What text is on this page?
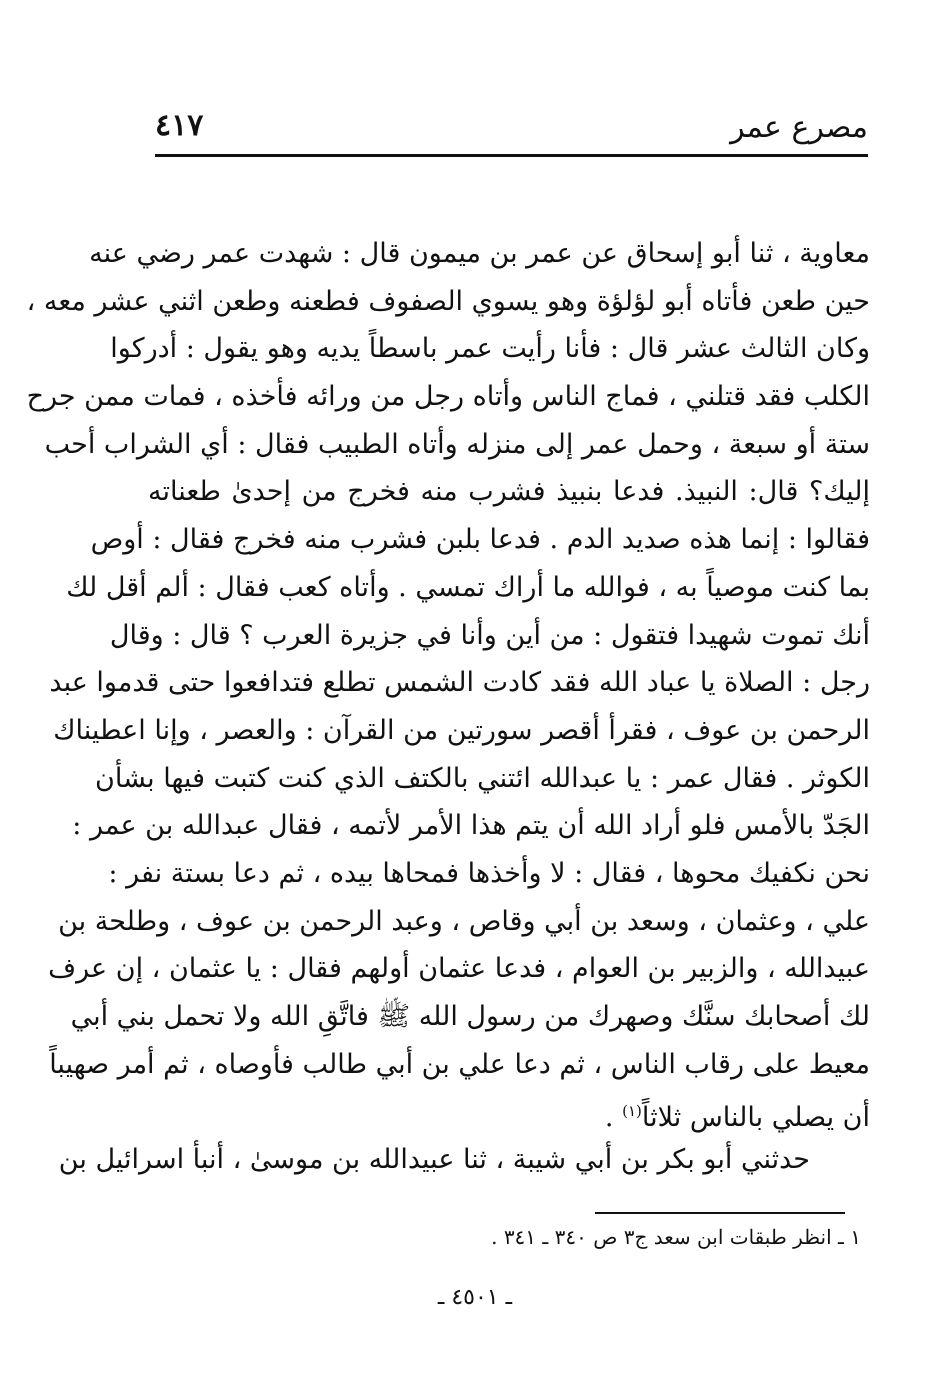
مصرع عمر
٤١٧
معاوية ، ثنا أبو إسحاق عن عمر بن ميمون قال : شهدت عمر رضي عنه
حين طعن فأتاه أبو لؤلؤة وهو يسوي الصفوف فطعنه وطعن اثني عشر معه ،
وكان الثالث عشر قال : فأنا رأيت عمر باسطاً يديه وهو يقول : أدركوا
الكلب فقد قتلني ، فماج الناس وأتاه رجل من ورائه فأخذه ، فمات ممن جرح
ستة أو سبعة ، وحمل عمر إلى منزله وأتاه الطبيب فقال : أي الشراب أحب
إليك؟ قال: النبيذ. فدعا بنبيذ فشرب منه فخرج من إحدىٰ طعناته
فقالوا : إنما هذه صديد الدم . فدعا بلبن فشرب منه فخرج فقال : أوص
بما كنت موصياً به ، فوالله ما أراك تمسي . وأتاه كعب فقال : ألم أقل لك
أنك تموت شهيدا فتقول : من أين وأنا في جزيرة العرب ؟ قال : وقال
رجل : الصلاة يا عباد الله فقد كادت الشمس تطلع فتدافعوا حتى قدموا عبد
الرحمن بن عوف ، فقرأ أقصر سورتين من القرآن : والعصر ، وإنا اعطيناك
الكوثر . فقال عمر : يا عبدالله ائتني بالكتف الذي كنت كتبت فيها بشأن
الجَدّ بالأمس فلو أراد الله أن يتم هذا الأمر لأتمه ، فقال عبدالله بن عمر :
نحن نكفيك محوها ، فقال : لا وأخذها فمحاها بيده ، ثم دعا بستة نفر :
علي ، وعثمان ، وسعد بن أبي وقاص ، وعبد الرحمن بن عوف ، وطلحة بن
عبيدالله ، والزبير بن العوام ، فدعا عثمان أولهم فقال : يا عثمان ، إن عرف
لك أصحابك سنَّك وصهرك من رسول الله ﷺ فاتَّقِ الله ولا تحمل بني أبي
معيط على رقاب الناس ، ثم دعا علي بن أبي طالب فأوصاه ، ثم أمر صهيباً
أن يصلي بالناس ثلاثاً$^{(١)}$ .
حدثني أبو بكر بن أبي شيبة ، ثنا عبيدالله بن موسىٰ ، أنبأ اسرائيل بن
١ ـ انظر طبقات ابن سعد ج٣ ص ٣٤٠ ـ ٣٤١ .
ـ ٤٥٠١ ـ
